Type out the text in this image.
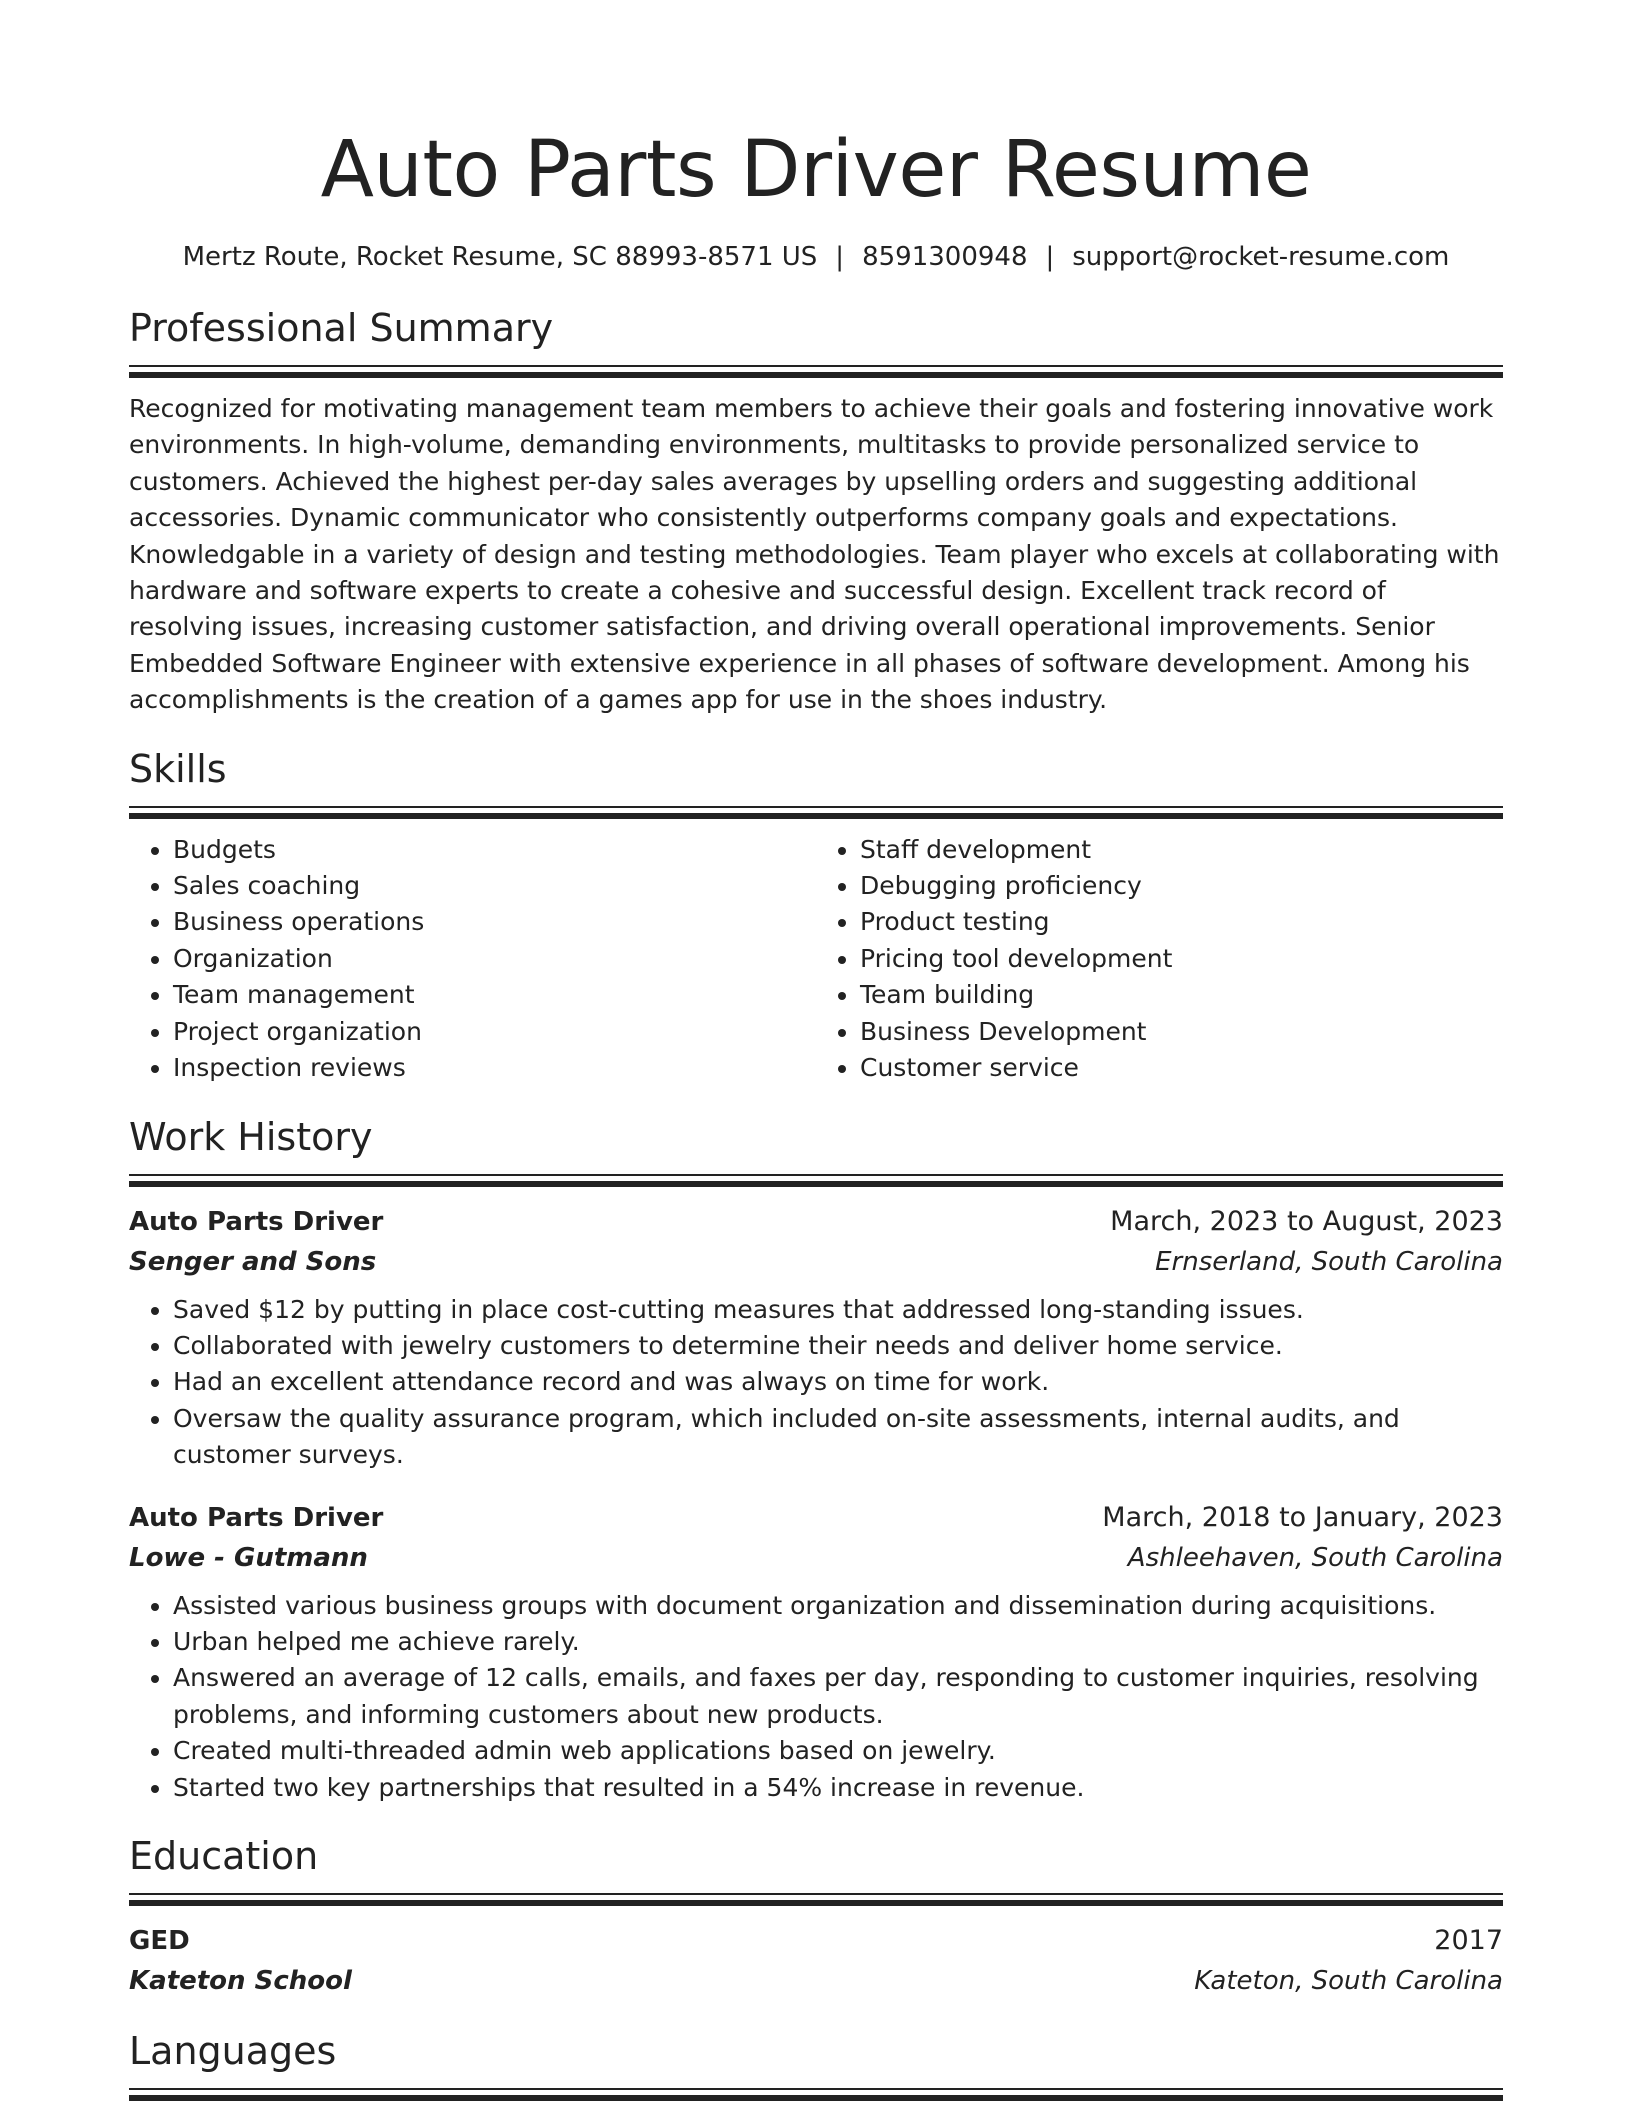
Auto Parts Driver Resume
Mertz Route, Rocket Resume, SC 88993-8571 US | 8591300948 | support@rocket-resume.com
Professional Summary

Recognized for motivating management team members to achieve their goals and fostering innovative work environments. In high-volume, demanding environments, multitasks to provide personalized service to customers. Achieved the highest per-day sales averages by upselling orders and suggesting additional accessories. Dynamic communicator who consistently outperforms company goals and expectations. Knowledgable in a variety of design and testing methodologies. Team player who excels at collaborating with hardware and software experts to create a cohesive and successful design. Excellent track record of resolving issues, increasing customer satisfaction, and driving overall operational improvements. Senior Embedded Software Engineer with extensive experience in all phases of software development. Among his accomplishments is the creation of a games app for use in the shoes industry.

Skills
• Budgets
• Sales coaching
• Business operations
• Organization
• Team management
• Project organization
• Inspection reviews
• Staff development
• Debugging proficiency
• Product testing
• Pricing tool development
• Team building
• Business Development
• Customer service
Work History
Auto Parts Driver	March, 2023 to August, 2023
Senger and Sons	Ernserland, South Carolina
• Saved $12 by putting in place cost-cutting measures that addressed long-standing issues.
• Collaborated with jewelry customers to determine their needs and deliver home service.
• Had an excellent attendance record and was always on time for work.
• Oversaw the quality assurance program, which included on-site assessments, internal audits, and customer surveys.
Auto Parts Driver	March, 2018 to January, 2023
Lowe - Gutmann	Ashleehaven, South Carolina
• Assisted various business groups with document organization and dissemination during acquisitions.
• Urban helped me achieve rarely.
• Answered an average of 12 calls, emails, and faxes per day, responding to customer inquiries, resolving problems, and informing customers about new products.
• Created multi-threaded admin web applications based on jewelry.
• Started two key partnerships that resulted in a 54% increase in revenue.
Education
GED	2017
Kateton School	Kateton, South Carolina
Languages
